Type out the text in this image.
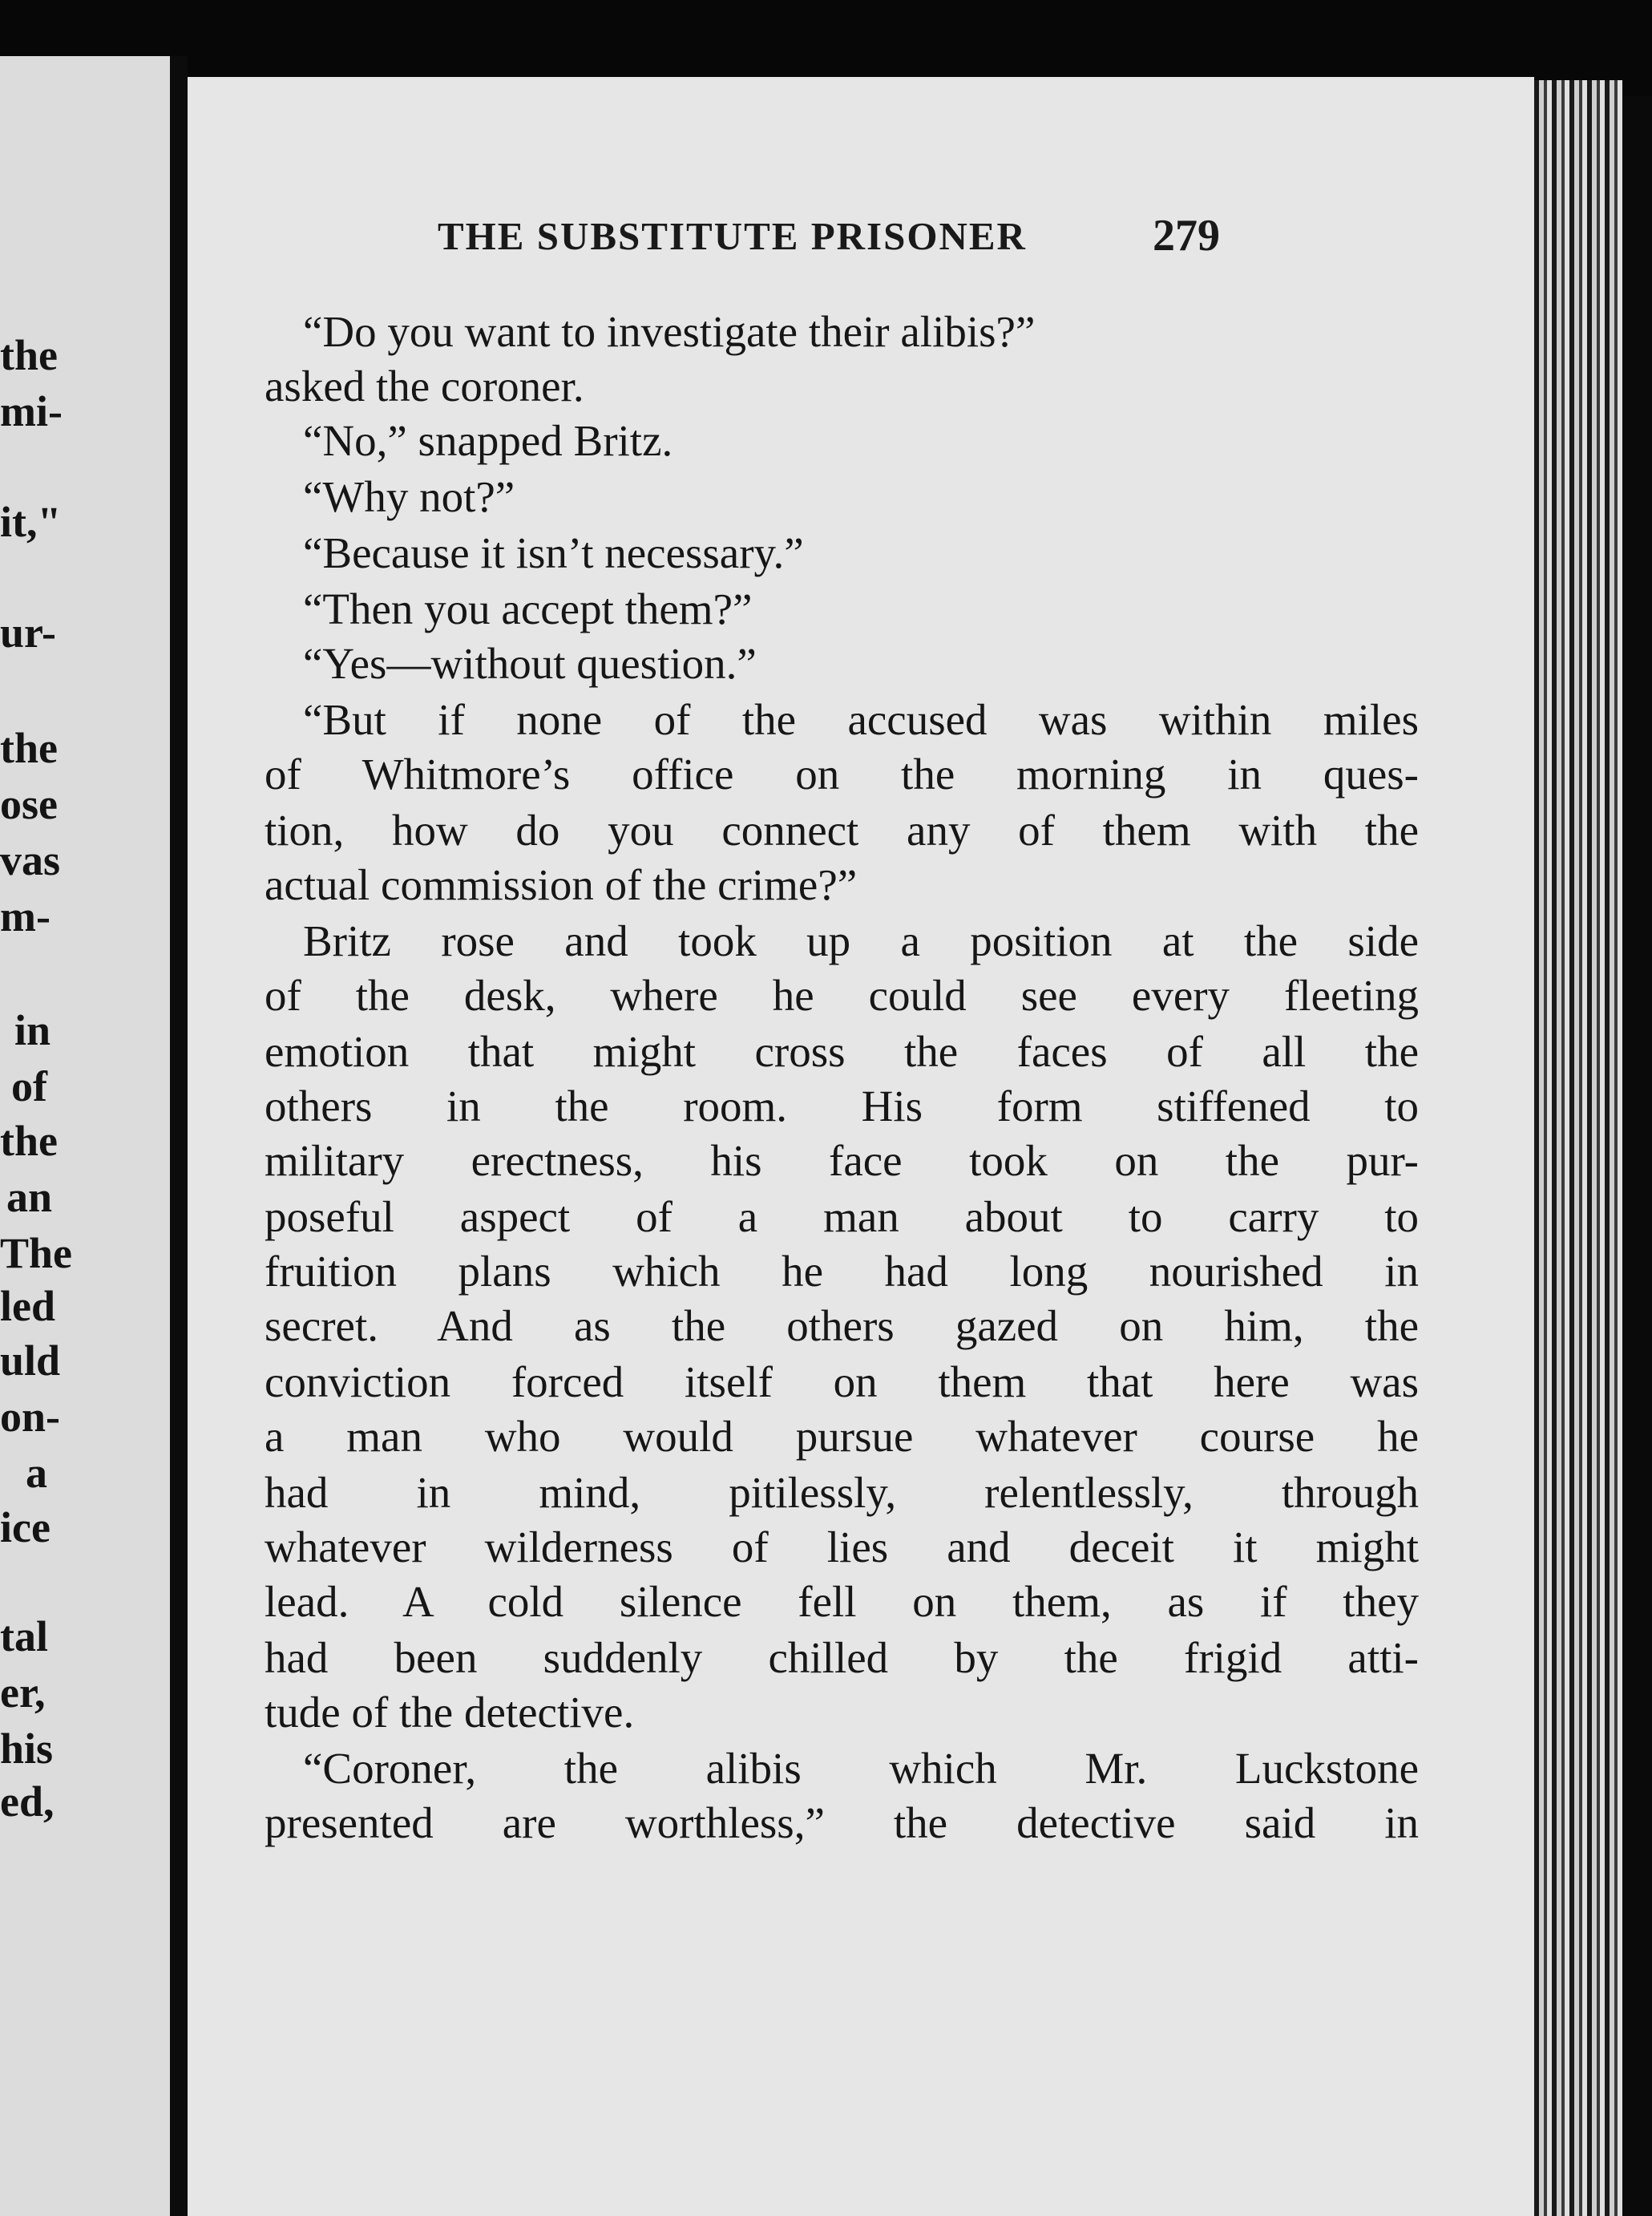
the
mi-
it,"
ur-
the
ose
vas
m-
in
of
the
an
The
led
uld
on-
a
ice
tal
er,
his
ed,
THE SUBSTITUTE PRISONER	279
“Do you want to investigate their alibis?”
asked the coroner.
“No,” snapped Britz.
“Why not?”
“Because it isn’t necessary.”
“Then you accept them?”
“Yes—without question.”
“But if none of the accused was within miles
of Whitmore’s office on the morning in ques-
tion, how do you connect any of them with the
actual commission of the crime?”
Britz rose and took up a position at the side
of the desk, where he could see every fleeting
emotion that might cross the faces of all the
others in the room. His form stiffened to
military erectness, his face took on the pur-
poseful aspect of a man about to carry to
fruition plans which he had long nourished in
secret. And as the others gazed on him, the
conviction forced itself on them that here was
a man who would pursue whatever course he
had in mind, pitilessly, relentlessly, through
whatever wilderness of lies and deceit it might
lead. A cold silence fell on them, as if they
had been suddenly chilled by the frigid atti-
tude of the detective.
“Coroner, the alibis which Mr. Luckstone
presented are worthless,” the detective said in
